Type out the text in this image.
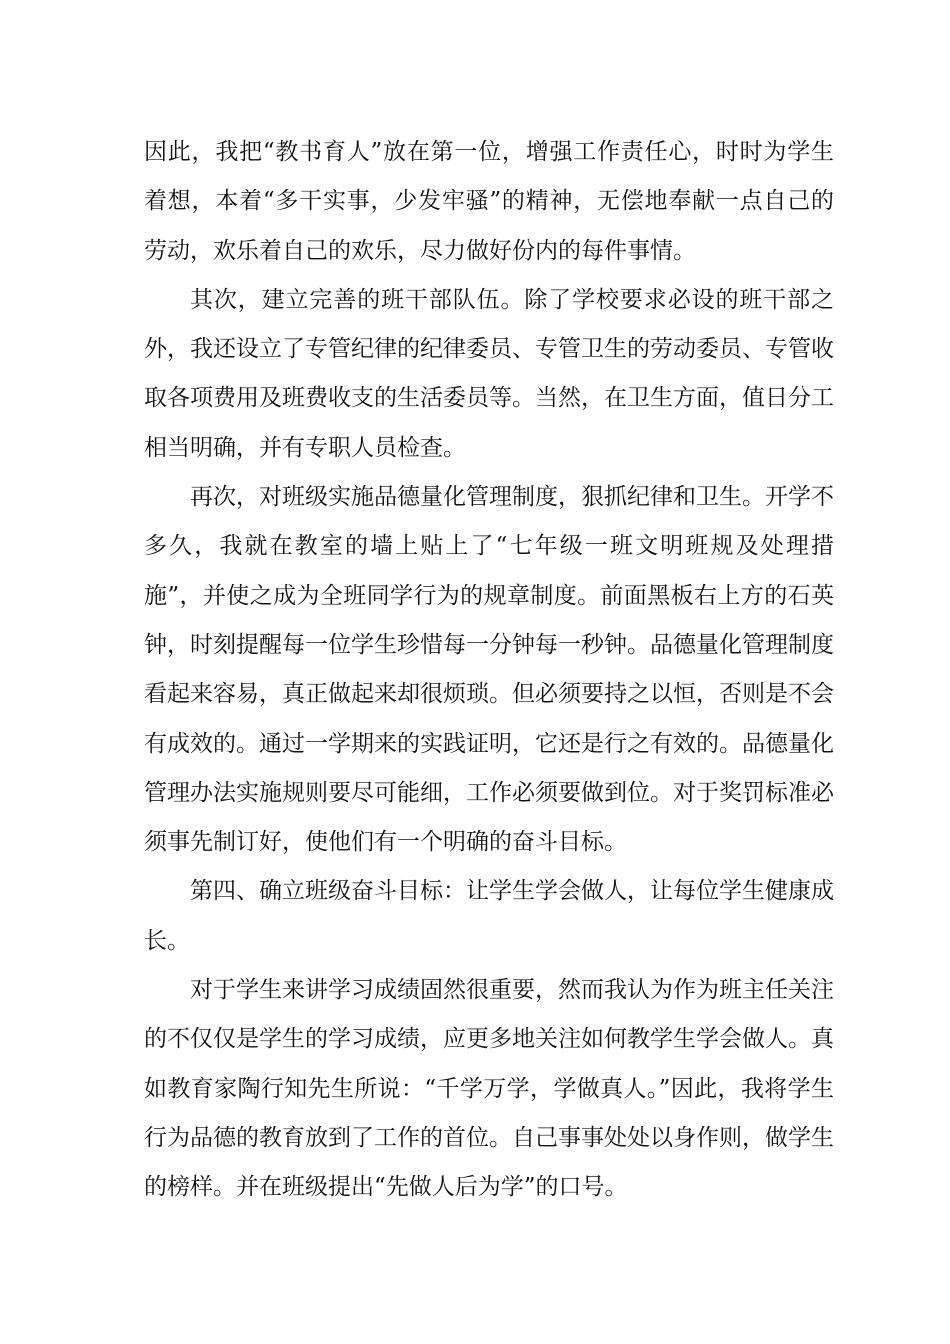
因此，我把“教书育人”放在第一位，增强工作责任心，时时为学生着想，本着“多干实事，少发牢骚”的精神，无偿地奉献一点自己的劳动，欢乐着自己的欢乐，尽力做好份内的每件事情。

其次，建立完善的班干部队伍。除了学校要求必设的班干部之外，我还设立了专管纪律的纪律委员、专管卫生的劳动委员、专管收取各项费用及班费收支的生活委员等。当然，在卫生方面，值日分工相当明确，并有专职人员检查。

再次，对班级实施品德量化管理制度，狠抓纪律和卫生。开学不多久，我就在教室的墙上贴上了“七年级一班文明班规及处理措施”，并使之成为全班同学行为的规章制度。前面黑板右上方的石英钟，时刻提醒每一位学生珍惜每一分钟每一秒钟。品德量化管理制度看起来容易，真正做起来却很烦琐。但必须要持之以恒，否则是不会有成效的。通过一学期来的实践证明，它还是行之有效的。品德量化管理办法实施规则要尽可能细，工作必须要做到位。对于奖罚标准必须事先制订好，使他们有一个明确的奋斗目标。

第四、确立班级奋斗目标：让学生学会做人，让每位学生健康成长。

对于学生来讲学习成绩固然很重要，然而我认为作为班主任关注的不仅仅是学生的学习成绩，应更多地关注如何教学生学会做人。真如教育家陶行知先生所说：“千学万学，学做真人。”因此，我将学生行为品德的教育放到了工作的首位。自己事事处处以身作则，做学生的榜样。并在班级提出“先做人后为学”的口号。
